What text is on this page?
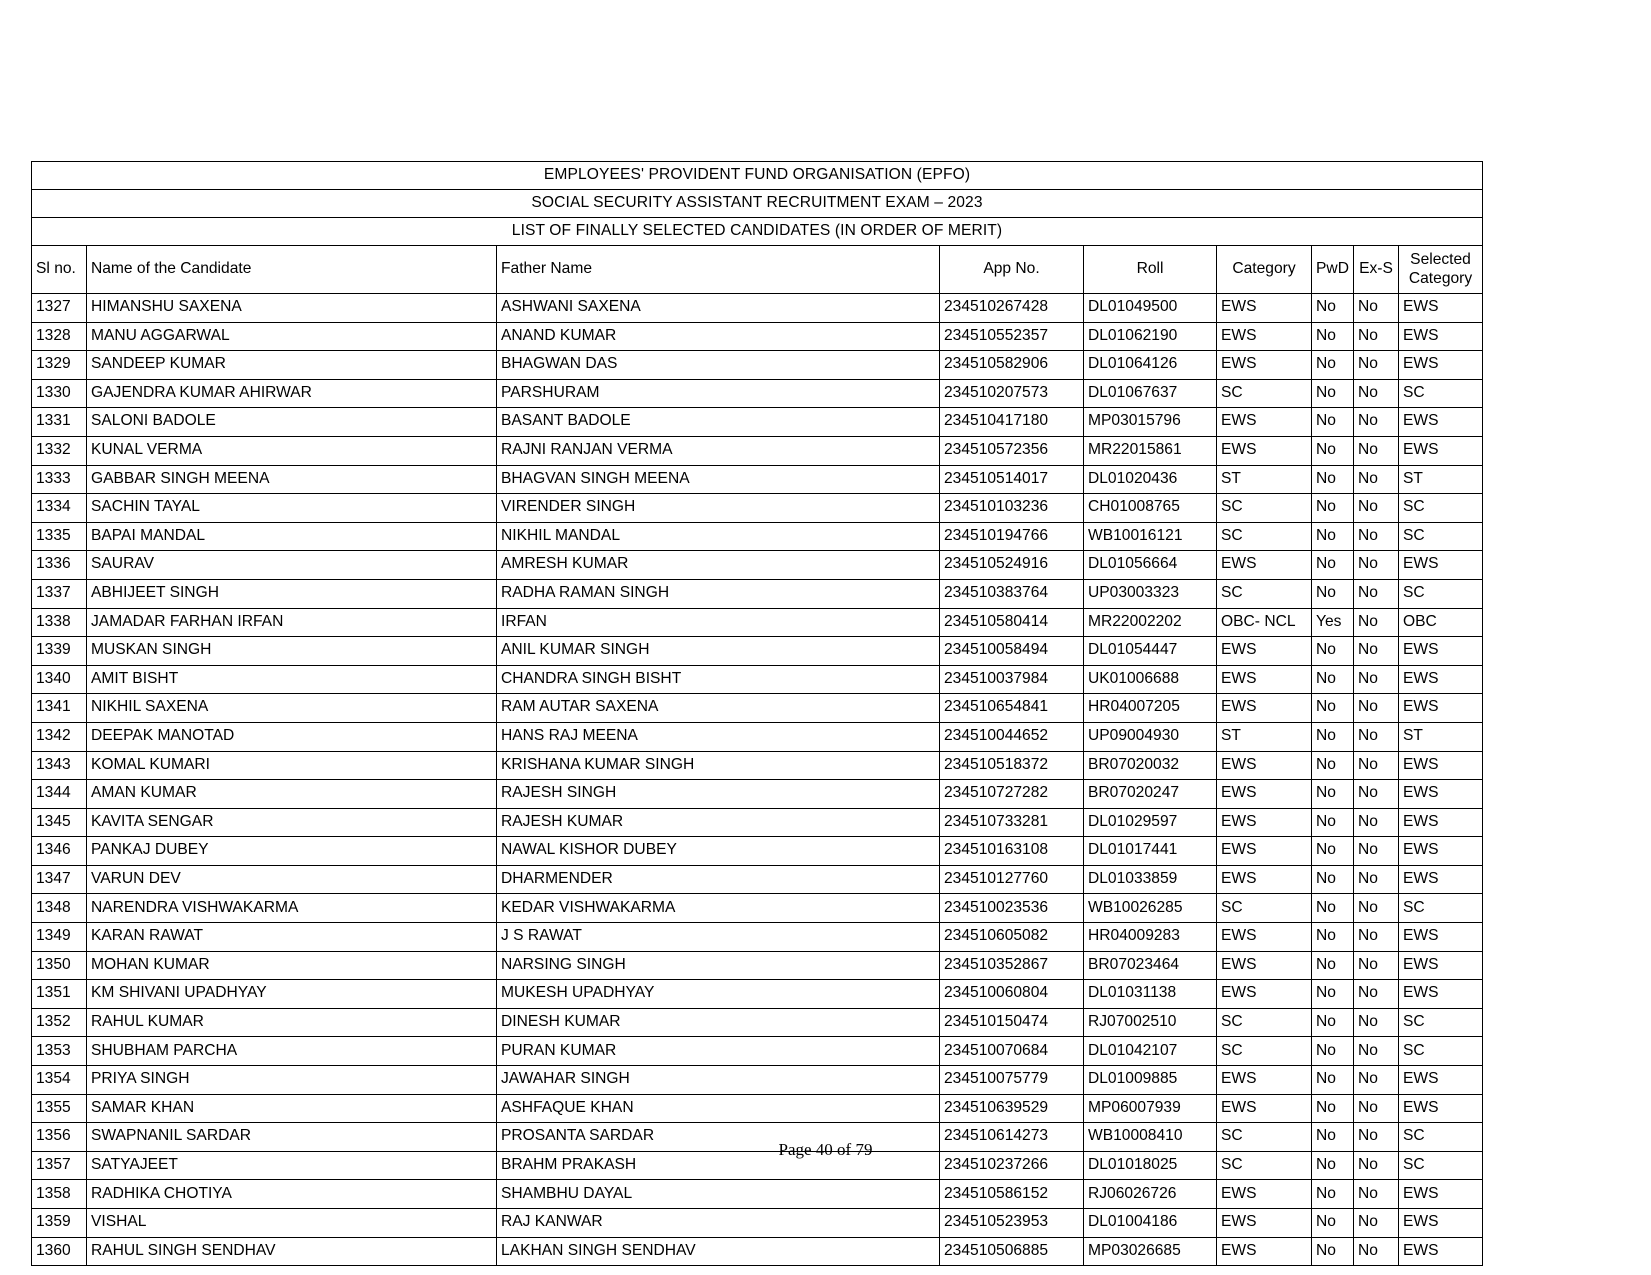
EMPLOYEES' PROVIDENT FUND ORGANISATION (EPFO)								
SOCIAL SECURITY ASSISTANT RECRUITMENT EXAM – 2023								
LIST OF FINALLY SELECTED CANDIDATES (IN ORDER OF MERIT)								
Sl no.	Name of the Candidate	Father Name	App No.	Roll	Category	PwD	Ex-S	Selected
Category
1327	HIMANSHU SAXENA	ASHWANI SAXENA	234510267428	DL01049500	EWS	No	No	EWS
1328	MANU AGGARWAL	ANAND KUMAR	234510552357	DL01062190	EWS	No	No	EWS
1329	SANDEEP KUMAR	BHAGWAN DAS	234510582906	DL01064126	EWS	No	No	EWS
1330	GAJENDRA KUMAR AHIRWAR	PARSHURAM	234510207573	DL01067637	SC	No	No	SC
1331	SALONI BADOLE	BASANT BADOLE	234510417180	MP03015796	EWS	No	No	EWS
1332	KUNAL VERMA	RAJNI RANJAN VERMA	234510572356	MR22015861	EWS	No	No	EWS
1333	GABBAR SINGH MEENA	BHAGVAN SINGH MEENA	234510514017	DL01020436	ST	No	No	ST
1334	SACHIN TAYAL	VIRENDER SINGH	234510103236	CH01008765	SC	No	No	SC
1335	BAPAI MANDAL	NIKHIL MANDAL	234510194766	WB10016121	SC	No	No	SC
1336	SAURAV	AMRESH KUMAR	234510524916	DL01056664	EWS	No	No	EWS
1337	ABHIJEET SINGH	RADHA RAMAN SINGH	234510383764	UP03003323	SC	No	No	SC
1338	JAMADAR FARHAN IRFAN	IRFAN	234510580414	MR22002202	OBC- NCL	Yes	No	OBC
1339	MUSKAN SINGH	ANIL KUMAR SINGH	234510058494	DL01054447	EWS	No	No	EWS
1340	AMIT BISHT	CHANDRA SINGH BISHT	234510037984	UK01006688	EWS	No	No	EWS
1341	NIKHIL SAXENA	RAM AUTAR SAXENA	234510654841	HR04007205	EWS	No	No	EWS
1342	DEEPAK MANOTAD	HANS RAJ MEENA	234510044652	UP09004930	ST	No	No	ST
1343	KOMAL KUMARI	KRISHANA KUMAR SINGH	234510518372	BR07020032	EWS	No	No	EWS
1344	AMAN KUMAR	RAJESH SINGH	234510727282	BR07020247	EWS	No	No	EWS
1345	KAVITA SENGAR	RAJESH KUMAR	234510733281	DL01029597	EWS	No	No	EWS
1346	PANKAJ DUBEY	NAWAL KISHOR DUBEY	234510163108	DL01017441	EWS	No	No	EWS
1347	VARUN DEV	DHARMENDER	234510127760	DL01033859	EWS	No	No	EWS
1348	NARENDRA VISHWAKARMA	KEDAR VISHWAKARMA	234510023536	WB10026285	SC	No	No	SC
1349	KARAN RAWAT	J S RAWAT	234510605082	HR04009283	EWS	No	No	EWS
1350	MOHAN KUMAR	NARSING SINGH	234510352867	BR07023464	EWS	No	No	EWS
1351	KM SHIVANI UPADHYAY	MUKESH UPADHYAY	234510060804	DL01031138	EWS	No	No	EWS
1352	RAHUL KUMAR	DINESH KUMAR	234510150474	RJ07002510	SC	No	No	SC
1353	SHUBHAM PARCHA	PURAN KUMAR	234510070684	DL01042107	SC	No	No	SC
1354	PRIYA SINGH	JAWAHAR SINGH	234510075779	DL01009885	EWS	No	No	EWS
1355	SAMAR KHAN	ASHFAQUE KHAN	234510639529	MP06007939	EWS	No	No	EWS
1356	SWAPNANIL SARDAR	PROSANTA SARDAR	234510614273	WB10008410	SC	No	No	SC
1357	SATYAJEET	BRAHM PRAKASH	234510237266	DL01018025	SC	No	No	SC
1358	RADHIKA CHOTIYA	SHAMBHU DAYAL	234510586152	RJ06026726	EWS	No	No	EWS
1359	VISHAL	RAJ KANWAR	234510523953	DL01004186	EWS	No	No	EWS
1360	RAHUL SINGH SENDHAV	LAKHAN SINGH SENDHAV	234510506885	MP03026685	EWS	No	No	EWS
Page 40 of 79
